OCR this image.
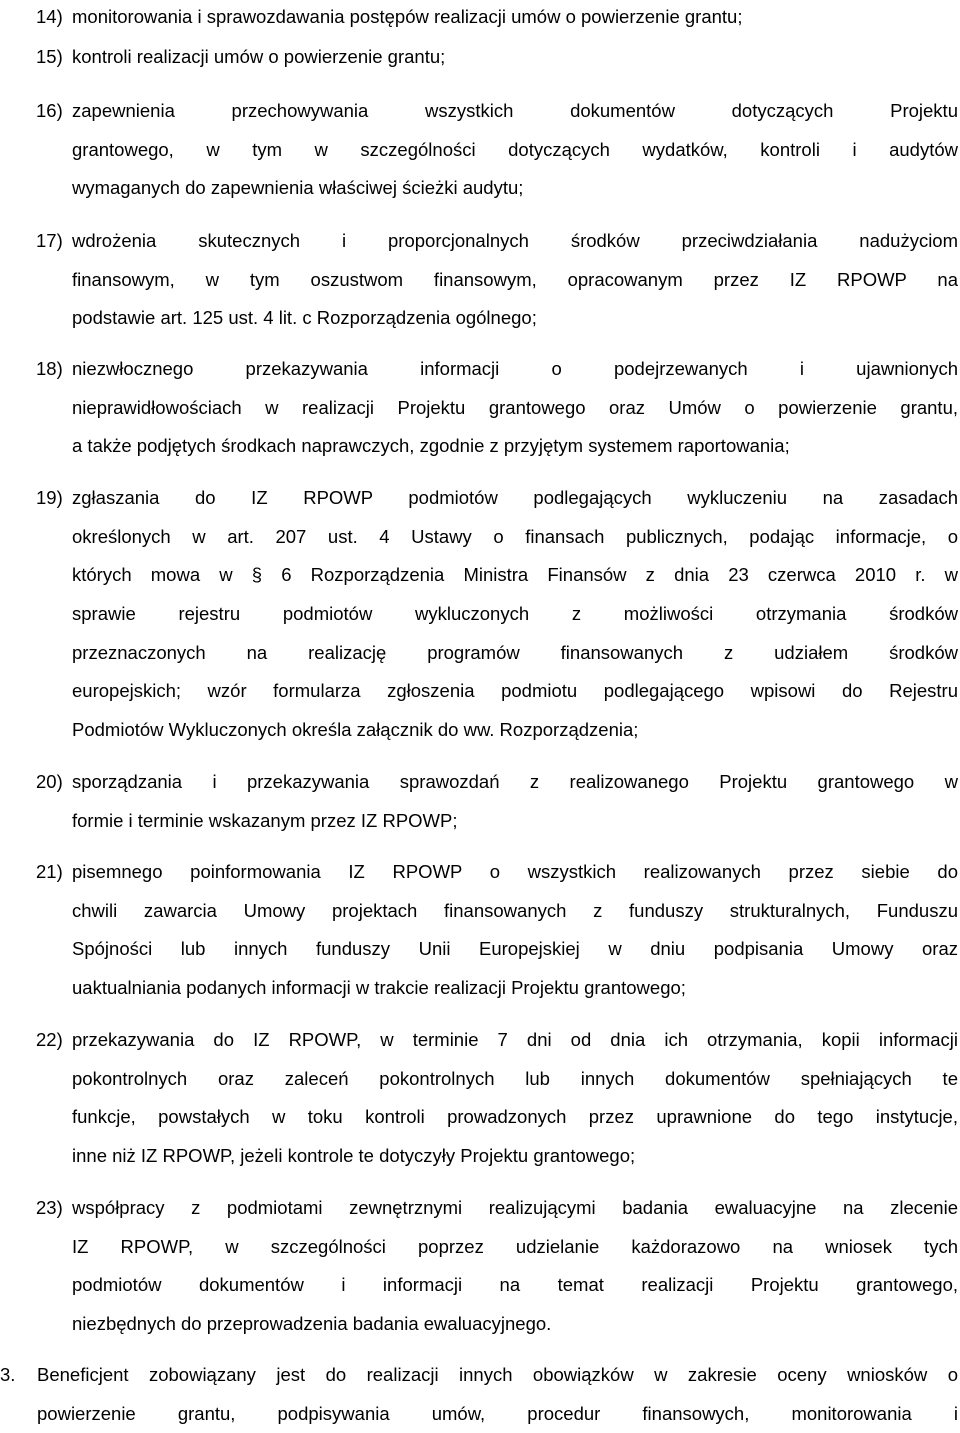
14) monitorowania i sprawozdawania postępów realizacji umów o powierzenie grantu;
15) kontroli realizacji umów o powierzenie grantu;
16) zapewnienia przechowywania wszystkich dokumentów dotyczących Projektu
grantowego, w tym w szczególności dotyczących wydatków, kontroli i audytów
wymaganych do zapewnienia właściwej ścieżki audytu;
17) wdrożenia skutecznych i proporcjonalnych środków przeciwdziałania nadużyciom
finansowym, w tym oszustwom finansowym, opracowanym przez IZ RPOWP na
podstawie art. 125 ust. 4 lit. c Rozporządzenia ogólnego;
18) niezwłocznego przekazywania informacji o podejrzewanych i ujawnionych
nieprawidłowościach w realizacji Projektu grantowego oraz Umów o powierzenie grantu,
a także podjętych środkach naprawczych, zgodnie z przyjętym systemem raportowania;
19) zgłaszania do IZ RPOWP podmiotów podlegających wykluczeniu na zasadach
określonych w art. 207 ust. 4 Ustawy o finansach publicznych, podając informacje, o
których mowa w § 6 Rozporządzenia Ministra Finansów z dnia 23 czerwca 2010 r. w
sprawie rejestru podmiotów wykluczonych z możliwości otrzymania środków
przeznaczonych na realizację programów finansowanych z udziałem środków
europejskich; wzór formularza zgłoszenia podmiotu podlegającego wpisowi do Rejestru
Podmiotów Wykluczonych określa załącznik do ww. Rozporządzenia;
20) sporządzania i przekazywania sprawozdań z realizowanego Projektu grantowego w
formie i terminie wskazanym przez IZ RPOWP;
21) pisemnego poinformowania IZ RPOWP o wszystkich realizowanych przez siebie do
chwili zawarcia Umowy projektach finansowanych z funduszy strukturalnych, Funduszu
Spójności lub innych funduszy Unii Europejskiej w dniu podpisania Umowy oraz
uaktualniania podanych informacji w trakcie realizacji Projektu grantowego;
22) przekazywania do IZ RPOWP, w terminie 7 dni od dnia ich otrzymania, kopii informacji
pokontrolnych oraz zaleceń pokontrolnych lub innych dokumentów spełniających te
funkcje, powstałych w toku kontroli prowadzonych przez uprawnione do tego instytucje,
inne niż IZ RPOWP, jeżeli kontrole te dotyczyły Projektu grantowego;
23) współpracy z podmiotami zewnętrznymi realizującymi badania ewaluacyjne na zlecenie
IZ RPOWP, w szczególności poprzez udzielanie każdorazowo na wniosek tych
podmiotów dokumentów i informacji na temat realizacji Projektu grantowego,
niezbędnych do przeprowadzenia badania ewaluacyjnego.
3. Beneficjent zobowiązany jest do realizacji innych obowiązków w zakresie oceny wniosków o
powierzenie grantu, podpisywania umów, procedur finansowych, monitorowania i
